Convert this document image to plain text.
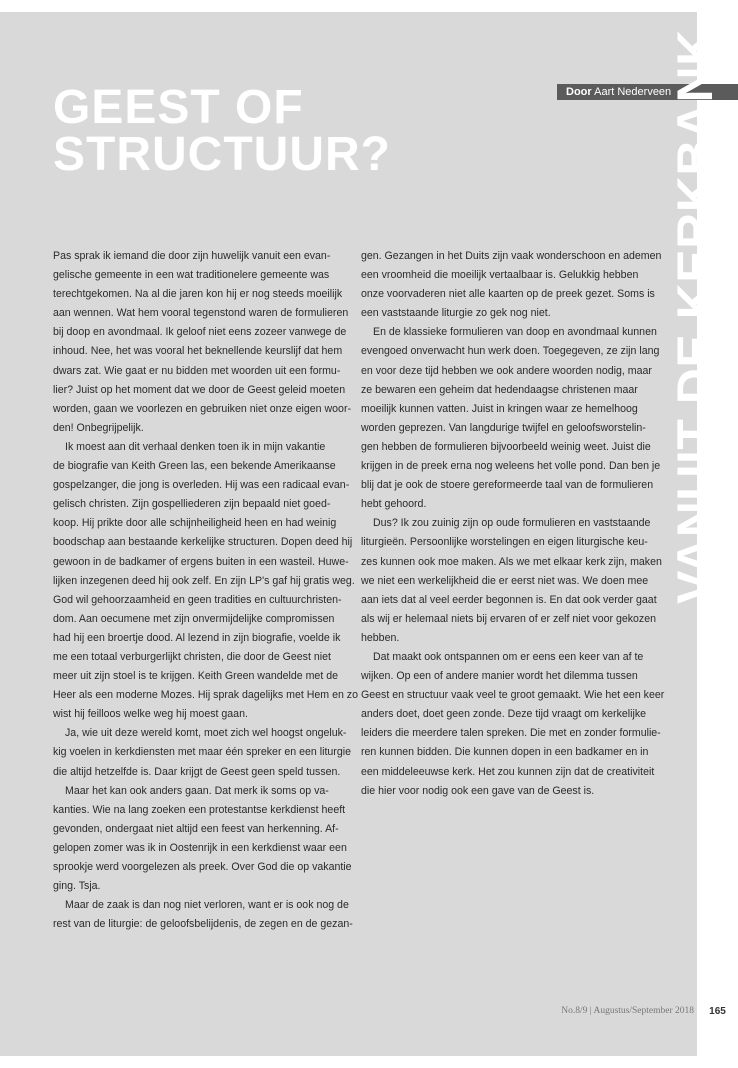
Door Aart Nederveen
GEEST OF
STRUCTUUR?	VANUIT DE KERKBANK
Pas sprak ik iemand die door zijn huwelijk vanuit een evan-
gelische gemeente in een wat traditionelere gemeente was
terechtgekomen. Na al die jaren kon hij er nog steeds moeilijk
aan wennen. Wat hem vooral tegenstond waren de formulieren
bij doop en avondmaal. Ik geloof niet eens zozeer vanwege de
inhoud. Nee, het was vooral het beknellende keurslijf dat hem
dwars zat. Wie gaat er nu bidden met woorden uit een formu-
lier? Juist op het moment dat we door de Geest geleid moeten
worden, gaan we voorlezen en gebruiken niet onze eigen woor-
den! Onbegrijpelijk.
Ik moest aan dit verhaal denken toen ik in mijn vakantie
de biografie van Keith Green las, een bekende Amerikaanse
gospelzanger, die jong is overleden. Hij was een radicaal evan-
gelisch christen. Zijn gospelliederen zijn bepaald niet goed-
koop. Hij prikte door alle schijnheiligheid heen en had weinig
boodschap aan bestaande kerkelijke structuren. Dopen deed hij
gewoon in de badkamer of ergens buiten in een wasteil. Huwe-
lijken inzegenen deed hij ook zelf. En zijn LP's gaf hij gratis weg.
God wil gehoorzaamheid en geen tradities en cultuurchristen-
dom. Aan oecumene met zijn onvermijdelijke compromissen
had hij een broertje dood. Al lezend in zijn biografie, voelde ik
me een totaal verburgerlijkt christen, die door de Geest niet
meer uit zijn stoel is te krijgen. Keith Green wandelde met de
Heer als een moderne Mozes. Hij sprak dagelijks met Hem en zo
wist hij feilloos welke weg hij moest gaan.
Ja, wie uit deze wereld komt, moet zich wel hoogst ongeluk-
kig voelen in kerkdiensten met maar één spreker en een liturgie
die altijd hetzelfde is. Daar krijgt de Geest geen speld tussen.
Maar het kan ook anders gaan. Dat merk ik soms op va-
kanties. Wie na lang zoeken een protestantse kerkdienst heeft
gevonden, ondergaat niet altijd een feest van herkenning. Af-
gelopen zomer was ik in Oostenrijk in een kerkdienst waar een
sprookje werd voorgelezen als preek. Over God die op vakantie
ging. Tsja.
Maar de zaak is dan nog niet verloren, want er is ook nog de
rest van de liturgie: de geloofsbelijdenis, de zegen en de gezan-
gen. Gezangen in het Duits zijn vaak wonderschoon en ademen
een vroomheid die moeilijk vertaalbaar is. Gelukkig hebben
onze voorvaderen niet alle kaarten op de preek gezet. Soms is
een vaststaande liturgie zo gek nog niet.
En de klassieke formulieren van doop en avondmaal kunnen
evengoed onverwacht hun werk doen. Toegegeven, ze zijn lang
en voor deze tijd hebben we ook andere woorden nodig, maar
ze bewaren een geheim dat hedendaagse christenen maar
moeilijk kunnen vatten. Juist in kringen waar ze hemelhoog
worden geprezen. Van langdurige twijfel en geloofsworstelin-
gen hebben de formulieren bijvoorbeeld weinig weet. Juist die
krijgen in de preek erna nog weleens het volle pond. Dan ben je
blij dat je ook de stoere gereformeerde taal van de formulieren
hebt gehoord.
Dus? Ik zou zuinig zijn op oude formulieren en vaststaande
liturgieën. Persoonlijke worstelingen en eigen liturgische keu-
zes kunnen ook moe maken. Als we met elkaar kerk zijn, maken
we niet een werkelijkheid die er eerst niet was. We doen mee
aan iets dat al veel eerder begonnen is. En dat ook verder gaat
als wij er helemaal niets bij ervaren of er zelf niet voor gekozen
hebben.
Dat maakt ook ontspannen om er eens een keer van af te
wijken. Op een of andere manier wordt het dilemma tussen
Geest en structuur vaak veel te groot gemaakt. Wie het een keer
anders doet, doet geen zonde. Deze tijd vraagt om kerkelijke
leiders die meerdere talen spreken. Die met en zonder formulie-
ren kunnen bidden. Die kunnen dopen in een badkamer en in
een middeleeuwse kerk. Het zou kunnen zijn dat de creativiteit
die hier voor nodig ook een gave van de Geest is.
No.8/9 | Augustus/September 2018	165
